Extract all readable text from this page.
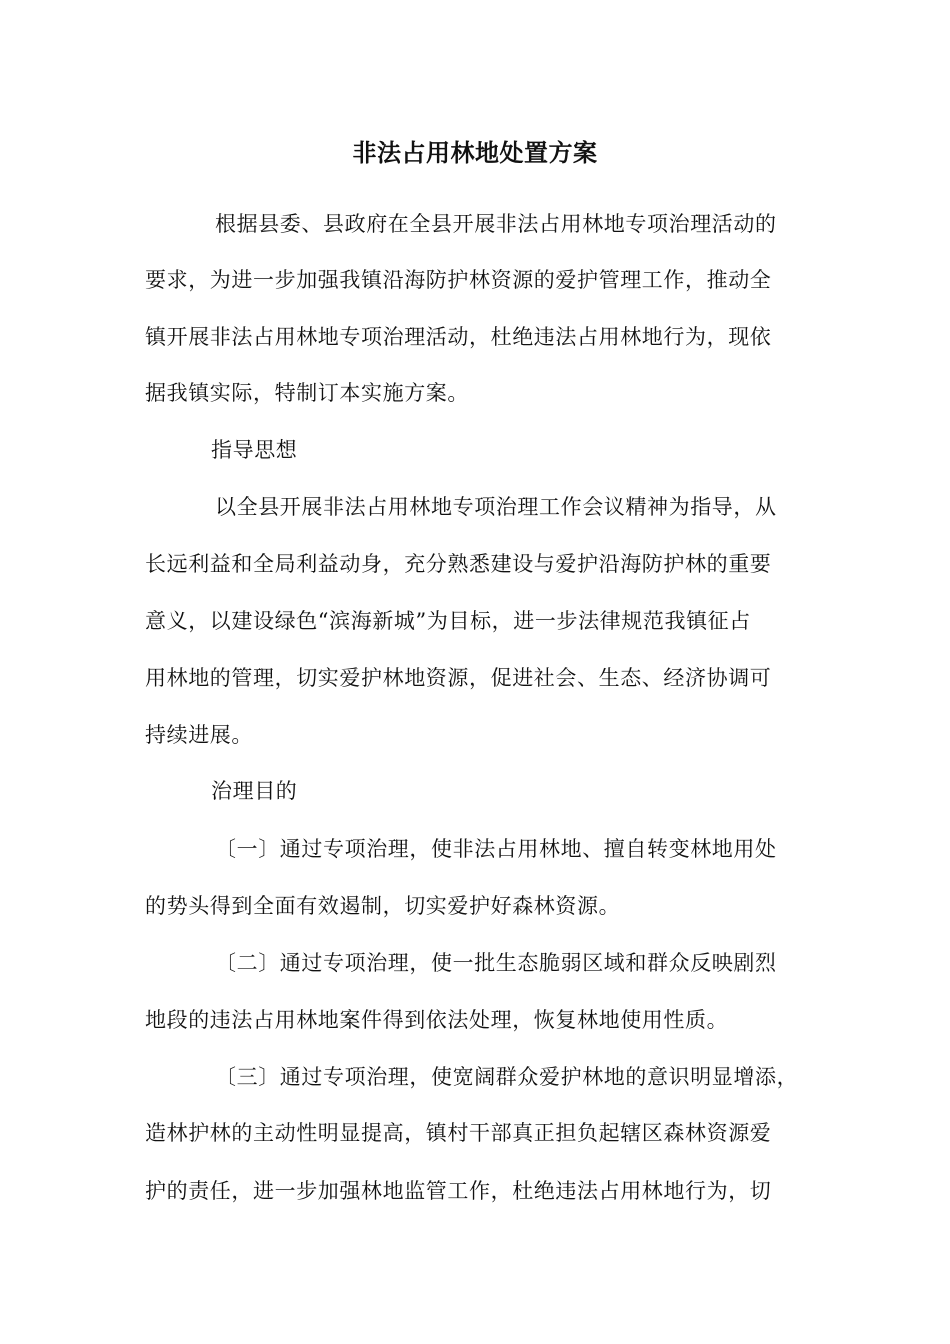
非法占用林地处置方案
根据县委、县政府在全县开展非法占用林地专项治理活动的
要求，为进一步加强我镇沿海防护林资源的爱护管理工作，推动全
镇开展非法占用林地专项治理活动，杜绝违法占用林地行为，现依
据我镇实际，特制订本实施方案。
指导思想
以全县开展非法占用林地专项治理工作会议精神为指导，从
长远利益和全局利益动身，充分熟悉建设与爱护沿海防护林的重要
意义，以建设绿色“滨海新城”为目标，进一步法律规范我镇征占
用林地的管理，切实爱护林地资源，促进社会、生态、经济协调可
持续进展。
治理目的
〔一〕通过专项治理，使非法占用林地、擅自转变林地用处
的势头得到全面有效遏制，切实爱护好森林资源。
〔二〕通过专项治理，使一批生态脆弱区域和群众反映剧烈
地段的违法占用林地案件得到依法处理，恢复林地使用性质。
〔三〕通过专项治理，使宽阔群众爱护林地的意识明显增添，
造林护林的主动性明显提高，镇村干部真正担负起辖区森林资源爱
护的责任，进一步加强林地监管工作，杜绝违法占用林地行为，切
